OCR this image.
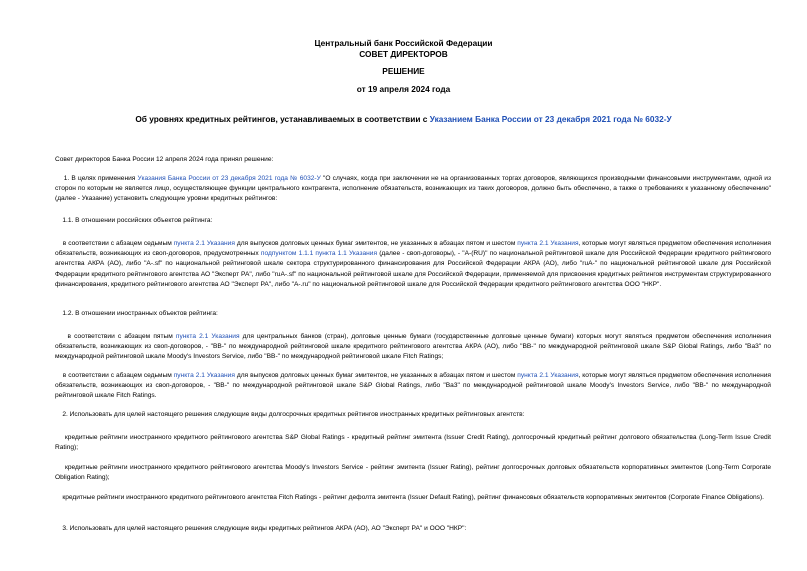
Центральный банк Российской Федерации
СОВЕТ ДИРЕКТОРОВ
РЕШЕНИЕ
от 19 апреля 2024 года
Об уровнях кредитных рейтингов, устанавливаемых в соответствии с Указанием Банка России от 23 декабря 2021 года № 6032-У

Совет директоров Банка России 12 апреля 2024 года принял решение:

1. В целях применения Указания Банка России от 23 декабря 2021 года № 6032-У "О случаях, когда при заключении не на организованных торгах договоров, являющихся производными финансовыми инструментами, одной из сторон по которым не является лицо, осуществляющее функции центрального контрагента, исполнение обязательств, возникающих из таких договоров, должно быть обеспечено, а также о требованиях к указанному обеспечению" (далее - Указание) установить следующие уровни кредитных рейтингов:

1.1. В отношении российских объектов рейтинга:

в соответствии с абзацем седьмым пункта 2.1 Указания для выпусков долговых ценных бумаг эмитентов, не указанных в абзацах пятом и шестом пункта 2.1 Указания, которые могут являться предметом обеспечения исполнения обязательств, возникающих из своп-договоров, предусмотренных подпунктом 1.1.1 пункта 1.1 Указания (далее - своп-договоры), - "A-(RU)" по национальной рейтинговой шкале для Российской Федерации кредитного рейтингового агентства АКРА (АО), либо "A-.sf" по национальной рейтинговой шкале сектора структурированного финансирования для Российской Федерации АКРА (АО), либо "ruA-" по национальной рейтинговой шкале для Российской Федерации кредитного рейтингового агентства АО "Эксперт РА", либо "ruA-.sf" по национальной рейтинговой шкале для Российской Федерации, применяемой для присвоения кредитных рейтингов инструментам структурированного финансирования, кредитного рейтингового агентства АО "Эксперт РА", либо "A-.ru" по национальной рейтинговой шкале для Российской Федерации кредитного рейтингового агентства ООО "НКР".

1.2. В отношении иностранных объектов рейтинга:

в соответствии с абзацем пятым пункта 2.1 Указания для центральных банков (стран), долговые ценные бумаги (государственные долговые ценные бумаги) которых могут являться предметом обеспечения исполнения обязательств, возникающих из своп-договоров, - "BB-" по международной рейтинговой шкале кредитного рейтингового агентства АКРА (АО), либо "BB-" по международной рейтинговой шкале S&P Global Ratings, либо "Ba3" по международной рейтинговой шкале Moody's Investors Service, либо "BB-" по международной рейтинговой шкале Fitch Ratings;

в соответствии с абзацем седьмым пункта 2.1 Указания для выпусков долговых ценных бумаг эмитентов, не указанных в абзацах пятом и шестом пункта 2.1 Указания, которые могут являться предметом обеспечения исполнения обязательств, возникающих из своп-договоров, - "BB-" по международной рейтинговой шкале S&P Global Ratings, либо "Ba3" по международной рейтинговой шкале Moody's Investors Service, либо "BB-" по международной рейтинговой шкале Fitch Ratings.

2. Использовать для целей настоящего решения следующие виды долгосрочных кредитных рейтингов иностранных кредитных рейтинговых агентств:

кредитные рейтинги иностранного кредитного рейтингового агентства S&P Global Ratings - кредитный рейтинг эмитента (Issuer Credit Rating), долгосрочный кредитный рейтинг долгового обязательства (Long-Term Issue Credit Rating);

кредитные рейтинги иностранного кредитного рейтингового агентства Moody's Investors Service - рейтинг эмитента (Issuer Rating), рейтинг долгосрочных долговых обязательств корпоративных эмитентов (Long-Term Corporate Obligation Rating);

кредитные рейтинги иностранного кредитного рейтингового агентства Fitch Ratings - рейтинг дефолта эмитента (Issuer Default Rating), рейтинг финансовых обязательств корпоративных эмитентов (Corporate Finance Obligations).

3. Использовать для целей настоящего решения следующие виды кредитных рейтингов АКРА (АО), АО "Эксперт РА" и ООО "НКР":
